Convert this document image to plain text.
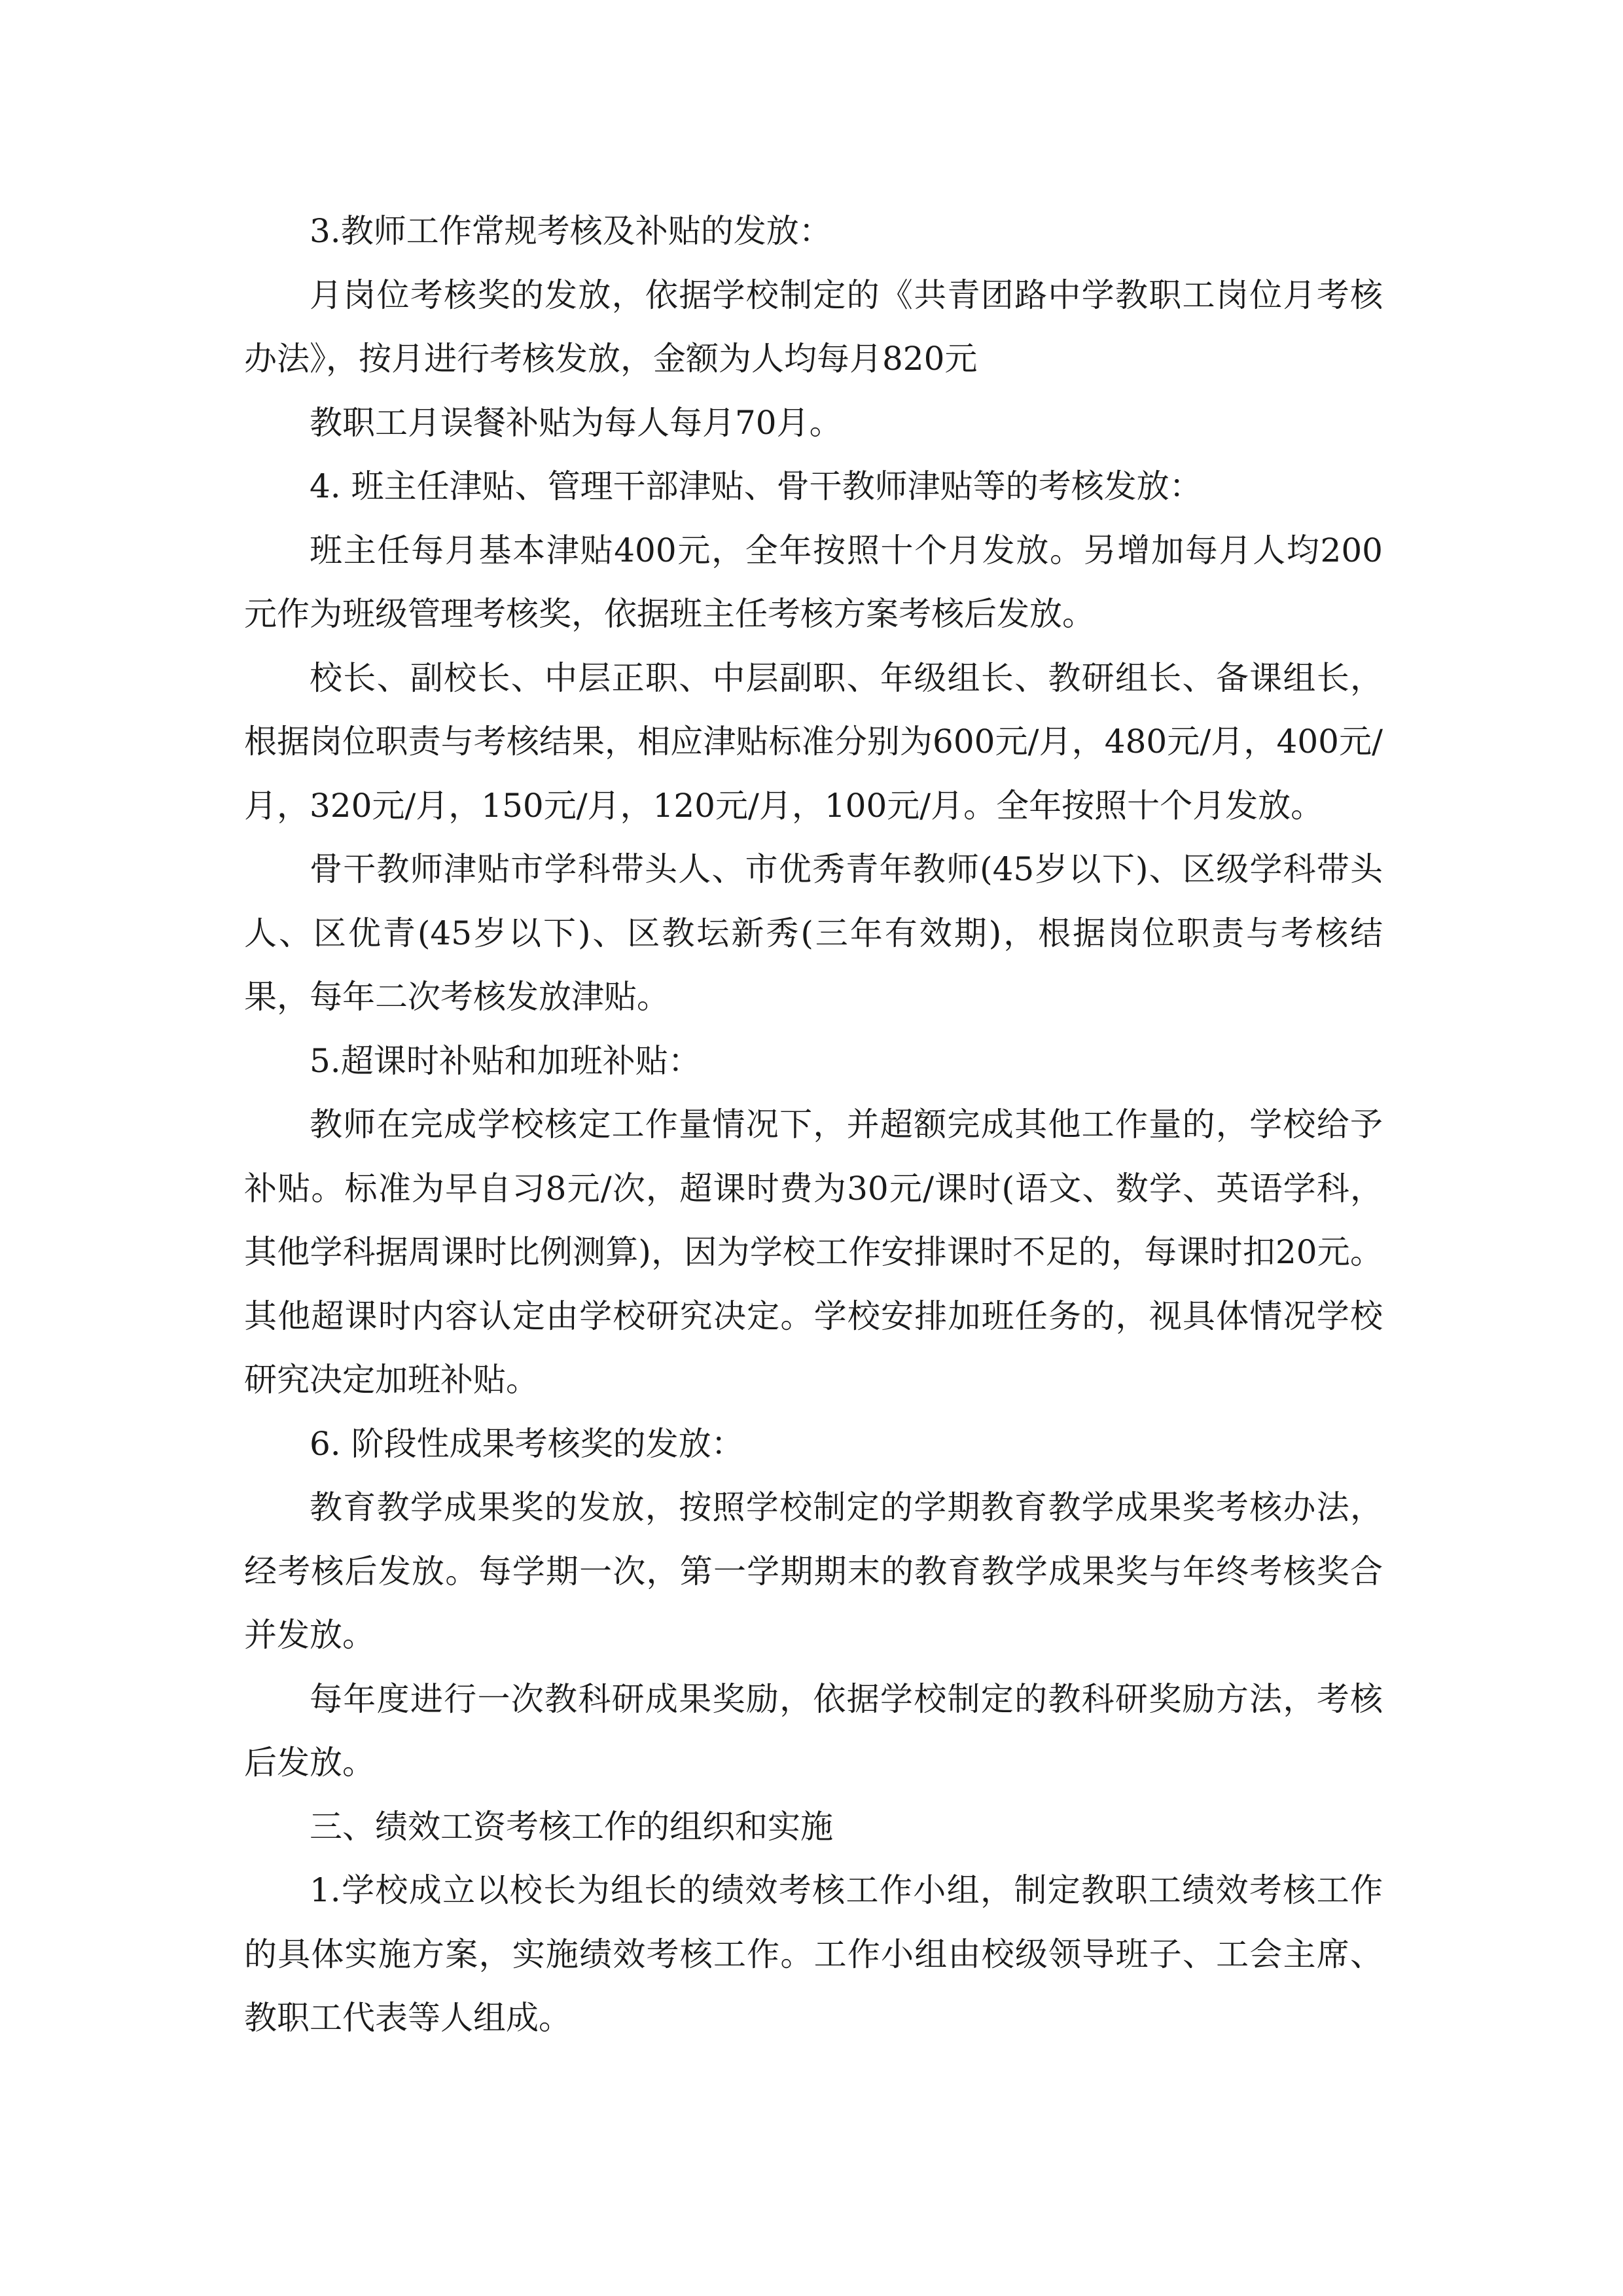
3.教师工作常规考核及补贴的发放：

月岗位考核奖的发放，依据学校制定的《共青团路中学教职工岗位月考核办法》，按月进行考核发放，金额为人均每月820元

教职工月误餐补贴为每人每月70月。

4. 班主任津贴、管理干部津贴、骨干教师津贴等的考核发放：

班主任每月基本津贴400元，全年按照十个月发放。另增加每月人均200元作为班级管理考核奖，依据班主任考核方案考核后发放。

校长、副校长、中层正职、中层副职、年级组长、教研组长、备课组长，根据岗位职责与考核结果，相应津贴标准分别为600元/月，480元/月，400元/月，320元/月，150元/月，120元/月，100元/月。全年按照十个月发放。

骨干教师津贴市学科带头人、市优秀青年教师(45岁以下)、区级学科带头人、区优青(45岁以下)、区教坛新秀(三年有效期)，根据岗位职责与考核结果，每年二次考核发放津贴。

5.超课时补贴和加班补贴：

教师在完成学校核定工作量情况下，并超额完成其他工作量的，学校给予补贴。标准为早自习8元/次，超课时费为30元/课时(语文、数学、英语学科，其他学科据周课时比例测算)，因为学校工作安排课时不足的，每课时扣20元。其他超课时内容认定由学校研究决定。学校安排加班任务的，视具体情况学校研究决定加班补贴。

6. 阶段性成果考核奖的发放：

教育教学成果奖的发放，按照学校制定的学期教育教学成果奖考核办法，经考核后发放。每学期一次，第一学期期末的教育教学成果奖与年终考核奖合并发放。

每年度进行一次教科研成果奖励，依据学校制定的教科研奖励方法，考核后发放。

三、绩效工资考核工作的组织和实施

1.学校成立以校长为组长的绩效考核工作小组，制定教职工绩效考核工作的具体实施方案，实施绩效考核工作。工作小组由校级领导班子、工会主席、教职工代表等人组成。
